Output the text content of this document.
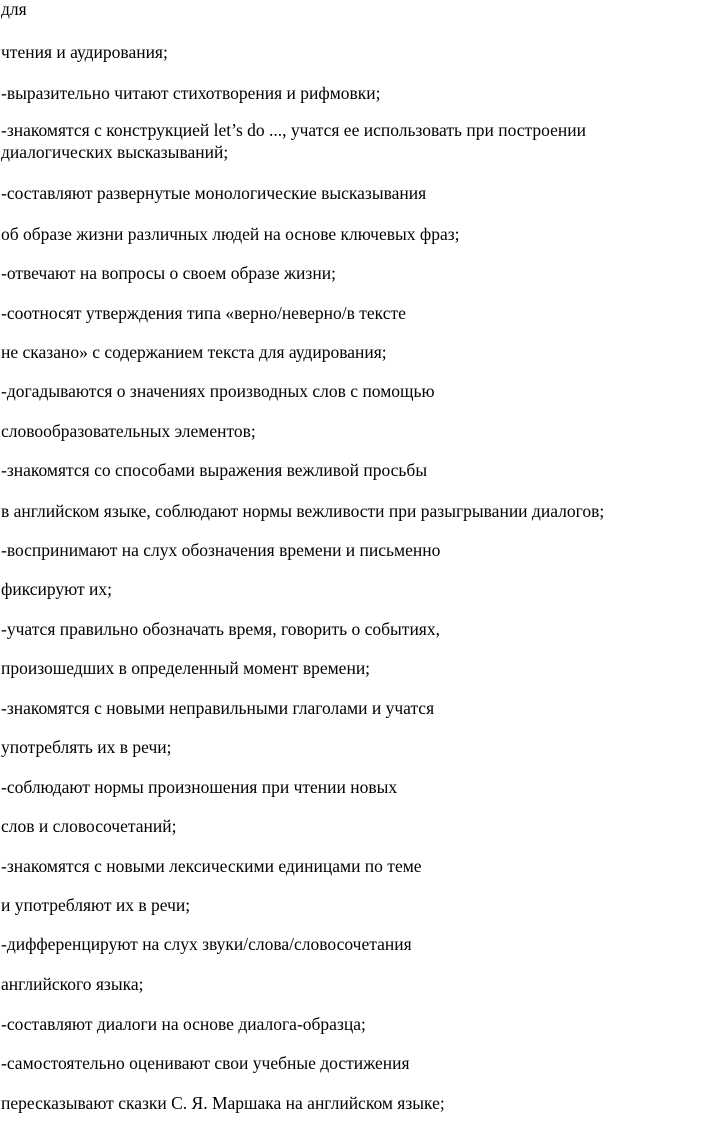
для

чтения и аудирования;

-выразительно читают стихотворения и рифмовки;

-знакомятся с конструкцией let’s do ..., учатся ее использовать при построении диалогических высказываний;

-составляют развернутые монологические высказывания

об образе жизни различных людей на основе ключевых фраз;

-отвечают на вопросы о своем образе жизни;

-соотносят утверждения типа «верно/неверно/в тексте

не сказано» с содержанием текста для аудирования;

-догадываются о значениях производных слов с помощью

словообразовательных элементов;

-знакомятся со способами выражения вежливой просьбы

в английском языке, соблюдают нормы вежливости при разыгрывании диалогов;

-воспринимают на слух обозначения времени и письменно

фиксируют их;

-учатся правильно обозначать время, говорить о событиях,

произошедших в определенный момент времени;

-знакомятся с новыми неправильными глаголами и учатся

употреблять их в речи;

-соблюдают нормы произношения при чтении новых

слов и словосочетаний;

-знакомятся с новыми лексическими единицами по теме

и употребляют их в речи;

-дифференцируют на слух звуки/слова/словосочетания

английского языка;

-составляют диалоги на основе диалога-образца;

-самостоятельно оценивают свои учебные достижения

пересказывают сказки С. Я. Маршака на английском языке;
